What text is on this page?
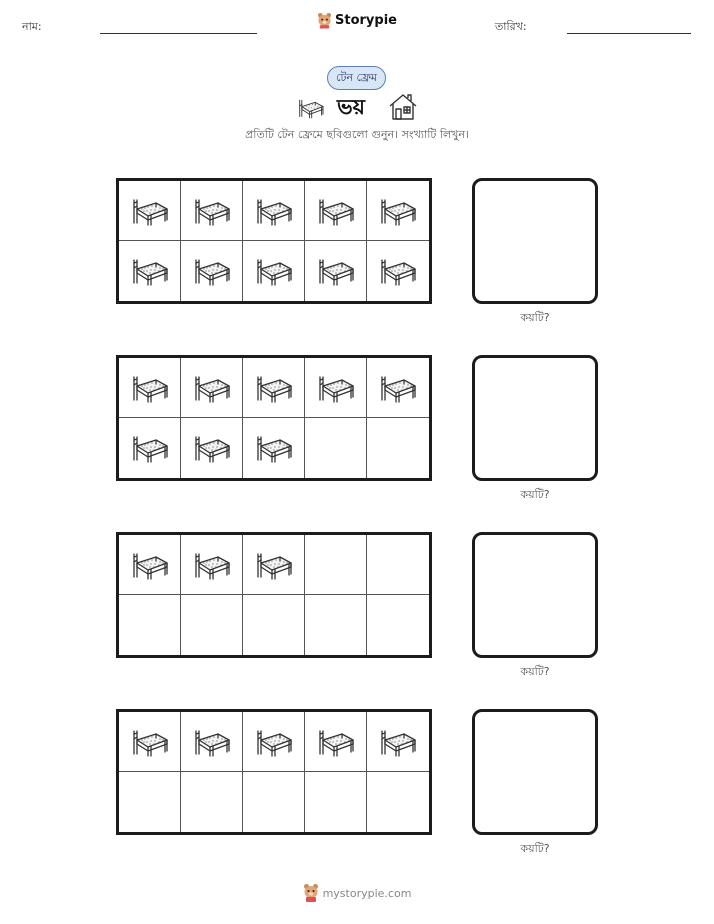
নাম:	Storypie	তারিখ:
টেন ফ্রেম
ভয়
প্রতিটি টেন ফ্রেমে ছবিগুলো গুনুন। সংখ্যাটি লিখুন।
কয়টি?
কয়টি?
কয়টি?
কয়টি?
mystorypie.com
